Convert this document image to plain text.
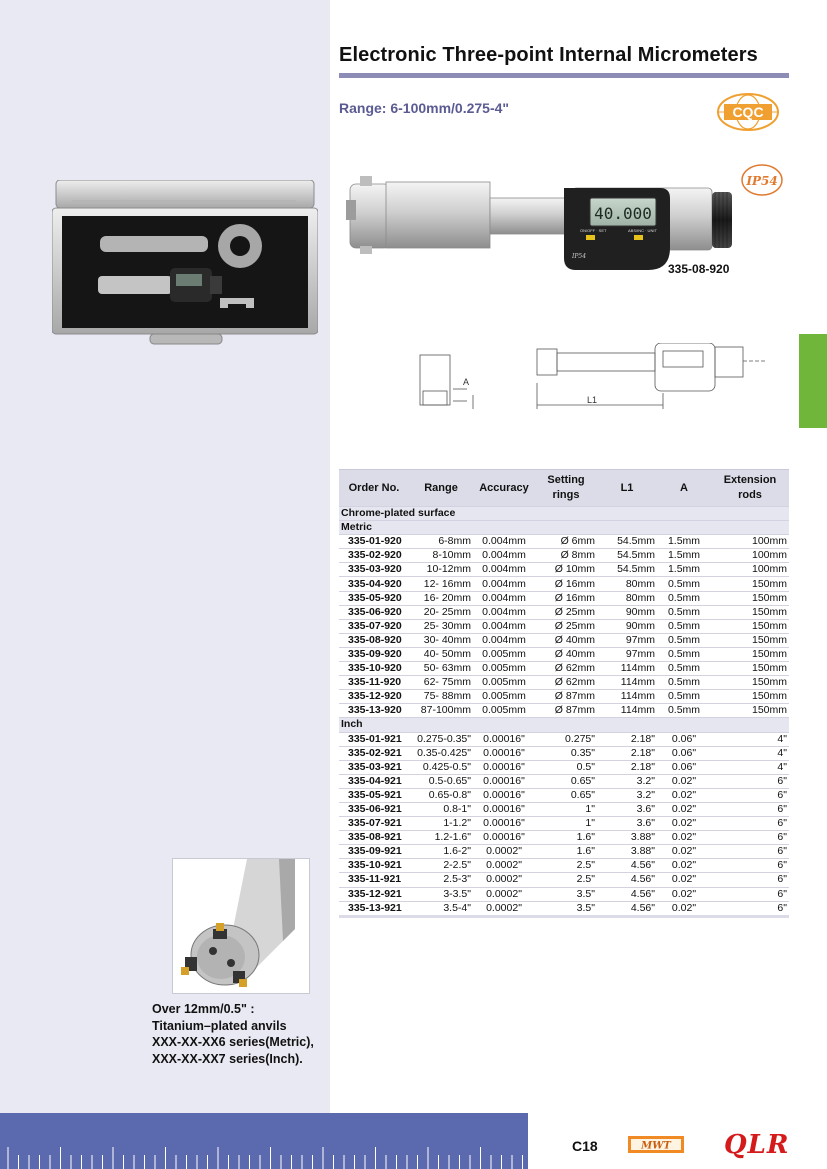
Electronic Three-point Internal Micrometers
Range: 6-100mm/0.275-4"	CQC
IP54
40.000
ON/OFF · SET	ABS/INC · UNIT
IP54
335-08-920
A
L1
Order No.	Range	Accuracy	Setting rings	L1	A	Extension rods
Chrome-plated surface						
Metric						
335-01-920	6-8mm	0.004mm	Ø 6mm	54.5mm	1.5mm	100mm
335-02-920	8-10mm	0.004mm	Ø 8mm	54.5mm	1.5mm	100mm
335-03-920	10-12mm	0.004mm	Ø 10mm	54.5mm	1.5mm	100mm
335-04-920	12- 16mm	0.004mm	Ø 16mm	80mm	0.5mm	150mm
335-05-920	16- 20mm	0.004mm	Ø 16mm	80mm	0.5mm	150mm
335-06-920	20- 25mm	0.004mm	Ø 25mm	90mm	0.5mm	150mm
335-07-920	25- 30mm	0.004mm	Ø 25mm	90mm	0.5mm	150mm
335-08-920	30- 40mm	0.004mm	Ø 40mm	97mm	0.5mm	150mm
335-09-920	40- 50mm	0.005mm	Ø 40mm	97mm	0.5mm	150mm
335-10-920	50- 63mm	0.005mm	Ø 62mm	114mm	0.5mm	150mm
335-11-920	62- 75mm	0.005mm	Ø 62mm	114mm	0.5mm	150mm
335-12-920	75- 88mm	0.005mm	Ø 87mm	114mm	0.5mm	150mm
335-13-920	87-100mm	0.005mm	Ø 87mm	114mm	0.5mm	150mm
Inch						
335-01-921	0.275-0.35"	0.00016"	0.275"	2.18"	0.06"	4"
335-02-921	0.35-0.425"	0.00016"	0.35"	2.18"	0.06"	4"
335-03-921	0.425-0.5"	0.00016"	0.5"	2.18"	0.06"	4"
335-04-921	0.5-0.65"	0.00016"	0.65"	3.2"	0.02"	6"
335-05-921	0.65-0.8"	0.00016"	0.65"	3.2"	0.02"	6"
335-06-921	0.8-1"	0.00016"	1"	3.6"	0.02"	6"
335-07-921	1-1.2"	0.00016"	1"	3.6"	0.02"	6"
335-08-921	1.2-1.6"	0.00016"	1.6"	3.88"	0.02"	6"
335-09-921	1.6-2"	0.0002"	1.6"	3.88"	0.02"	6"
335-10-921	2-2.5"	0.0002"	2.5"	4.56"	0.02"	6"
335-11-921	2.5-3"	0.0002"	2.5"	4.56"	0.02"	6"
335-12-921	3-3.5"	0.0002"	3.5"	4.56"	0.02"	6"
335-13-921	3.5-4"	0.0002"	3.5"	4.56"	0.02"	6"
Over 12mm/0.5" :
Titanium–plated anvils
XXX-XX-XX6 series(Metric),
XXX-XX-XX7 series(Inch).
C18	MWT QLR
